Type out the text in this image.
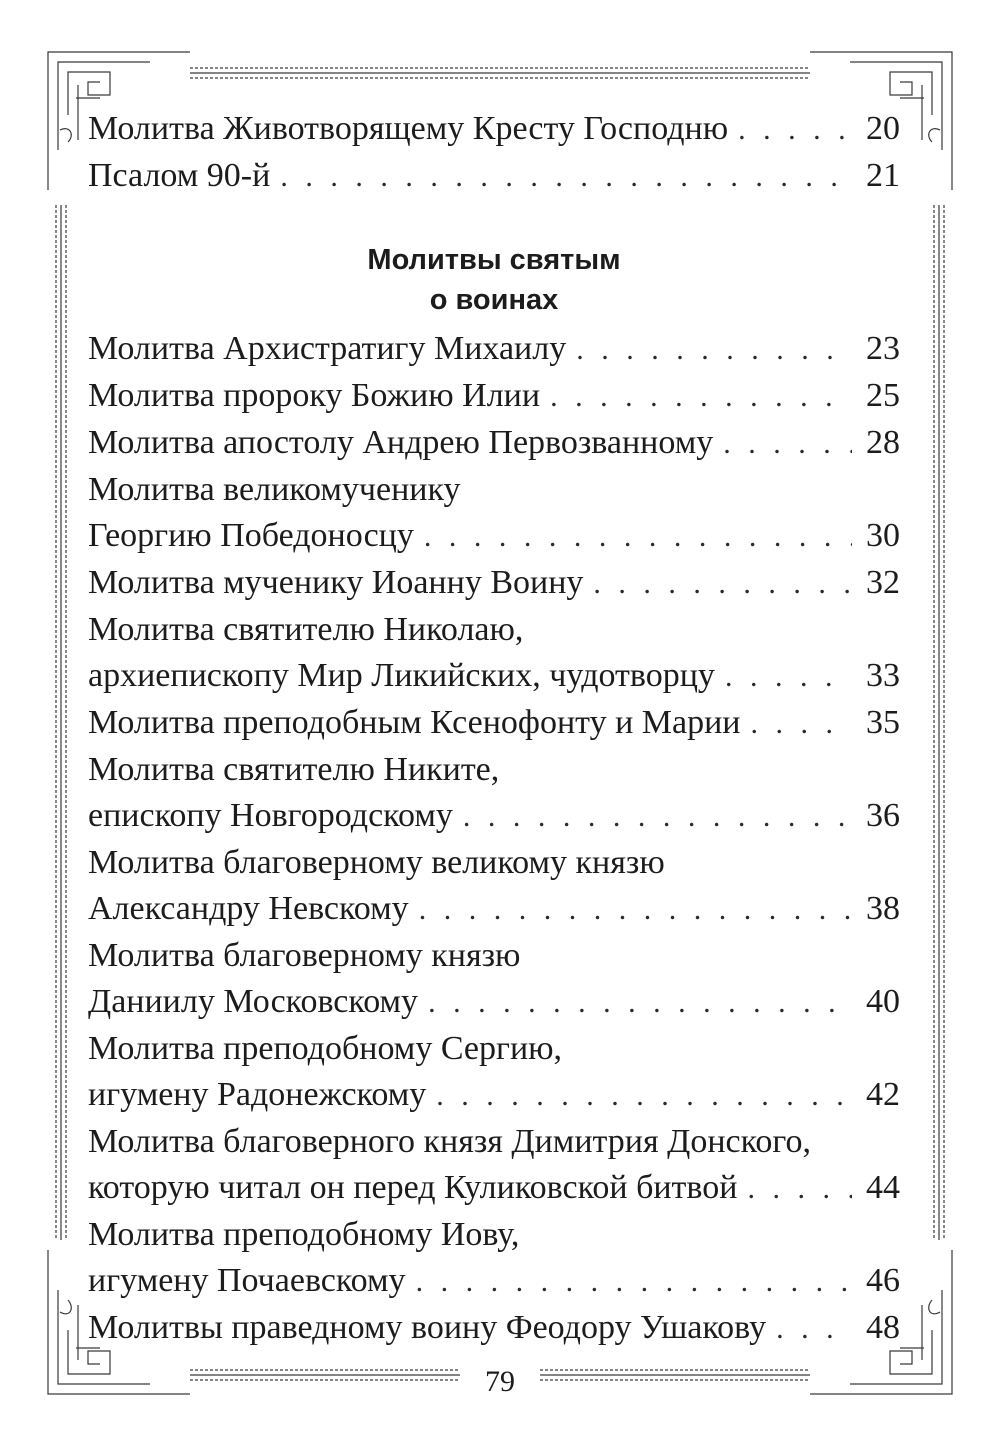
Молитва Животворящему Кресту Господню . . .	20
Псалом 90-й . . .	21
Молитвы святым
о воинах
Молитва Архистратигу Михаилу . . .	23
Молитва пророку Божию Илии . . .	25
Молитва апостолу Андрею Первозванному . . .	28
Молитва великомученику
Георгию Победоносцу . . .	30
Молитва мученику Иоанну Воину . . .	32
Молитва святителю Николаю,
архиепископу Мир Ликийских, чудотворцу . . .	33
Молитва преподобным Ксенофонту и Марии . . .	35
Молитва святителю Никите,
епископу Новгородскому . . .	36
Молитва благоверному великому князю
Александру Невскому . . .	38
Молитва благоверному князю
Даниилу Московскому . . .	40
Молитва преподобному Сергию,
игумену Радонежскому . . .	42
Молитва благоверного князя Димитрия Донского,
которую читал он перед Куликовской битвой . . .	44
Молитва преподобному Иову,
игумену Почаевскому . . .	46
Молитвы праведному воину Феодору Ушакову . . .	48
79
